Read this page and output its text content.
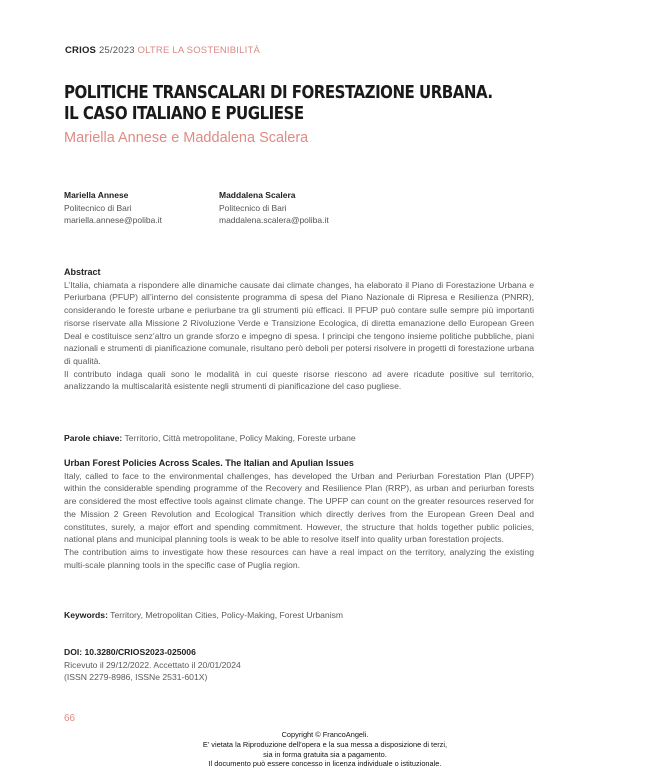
CRIOS 25/2023 OLTRE LA SOSTENIBILITÀ
POLITICHE TRANSCALARI DI FORESTAZIONE URBANA.
IL CASO ITALIANO E PUGLIESE
Mariella Annese e Maddalena Scalera
Mariella Annese
Politecnico di Bari
mariella.annese@poliba.it
Maddalena Scalera
Politecnico di Bari
maddalena.scalera@poliba.it
Abstract

L’Italia, chiamata a rispondere alle dinamiche causate dai climate changes, ha elaborato il Piano di Forestazione Urbana e Periurbana (PFUP) all’interno del consistente programma di spesa del Piano Nazionale di Ripresa e Resilienza (PNRR), considerando le foreste urbane e periurbane tra gli strumenti più efficaci. Il PFUP può contare sulle sempre più importanti risorse riservate alla Missione 2 Rivoluzione Verde e Transizione Ecologica, di diretta emanazione dello European Green Deal e costituisce senz’altro un grande sforzo e impegno di spesa. I principi che tengono insieme politiche pubbliche, piani nazionali e strumenti di pianificazione comunale, risultano però deboli per potersi risolvere in progetti di forestazione urbana di qualità.

Il contributo indaga quali sono le modalità in cui queste risorse riescono ad avere ricadute positive sul territorio, analizzando la multiscalarità esistente negli strumenti di pianificazione del caso pugliese.

Parole chiave: Territorio, Città metropolitane, Policy Making, Foreste urbane
Urban Forest Policies Across Scales. The Italian and Apulian Issues

Italy, called to face to the environmental challenges, has developed the Urban and Periurban Forestation Plan (UPFP) within the considerable spending programme of the Recovery and Resilience Plan (RRP), as urban and periurban forests are considered the most effective tools against climate change. The UPFP can count on the greater resources reserved for the Mission 2 Green Revolution and Ecological Transition which directly derives from the European Green Deal and constitutes, surely, a major effort and spending commitment. However, the structure that holds together public policies, national plans and municipal planning tools is weak to be able to resolve itself into quality urban forestation projects.

The contribution aims to investigate how these resources can have a real impact on the territory, analyzing the existing multi-scale planning tools in the specific case of Puglia region.

Keywords: Territory, Metropolitan Cities, Policy-Making, Forest Urbanism
DOI: 10.3280/CRIOS2023-025006
Ricevuto il 29/12/2022. Accettato il 20/01/2024
(ISSN 2279-8986, ISSNe 2531-601X)
66
Copyright © FrancoAngeli.
E’ vietata la Riproduzione dell’opera e la sua messa a disposizione di terzi,
sia in forma gratuita sia a pagamento.
Il documento può essere concesso in licenza individuale o istituzionale.
